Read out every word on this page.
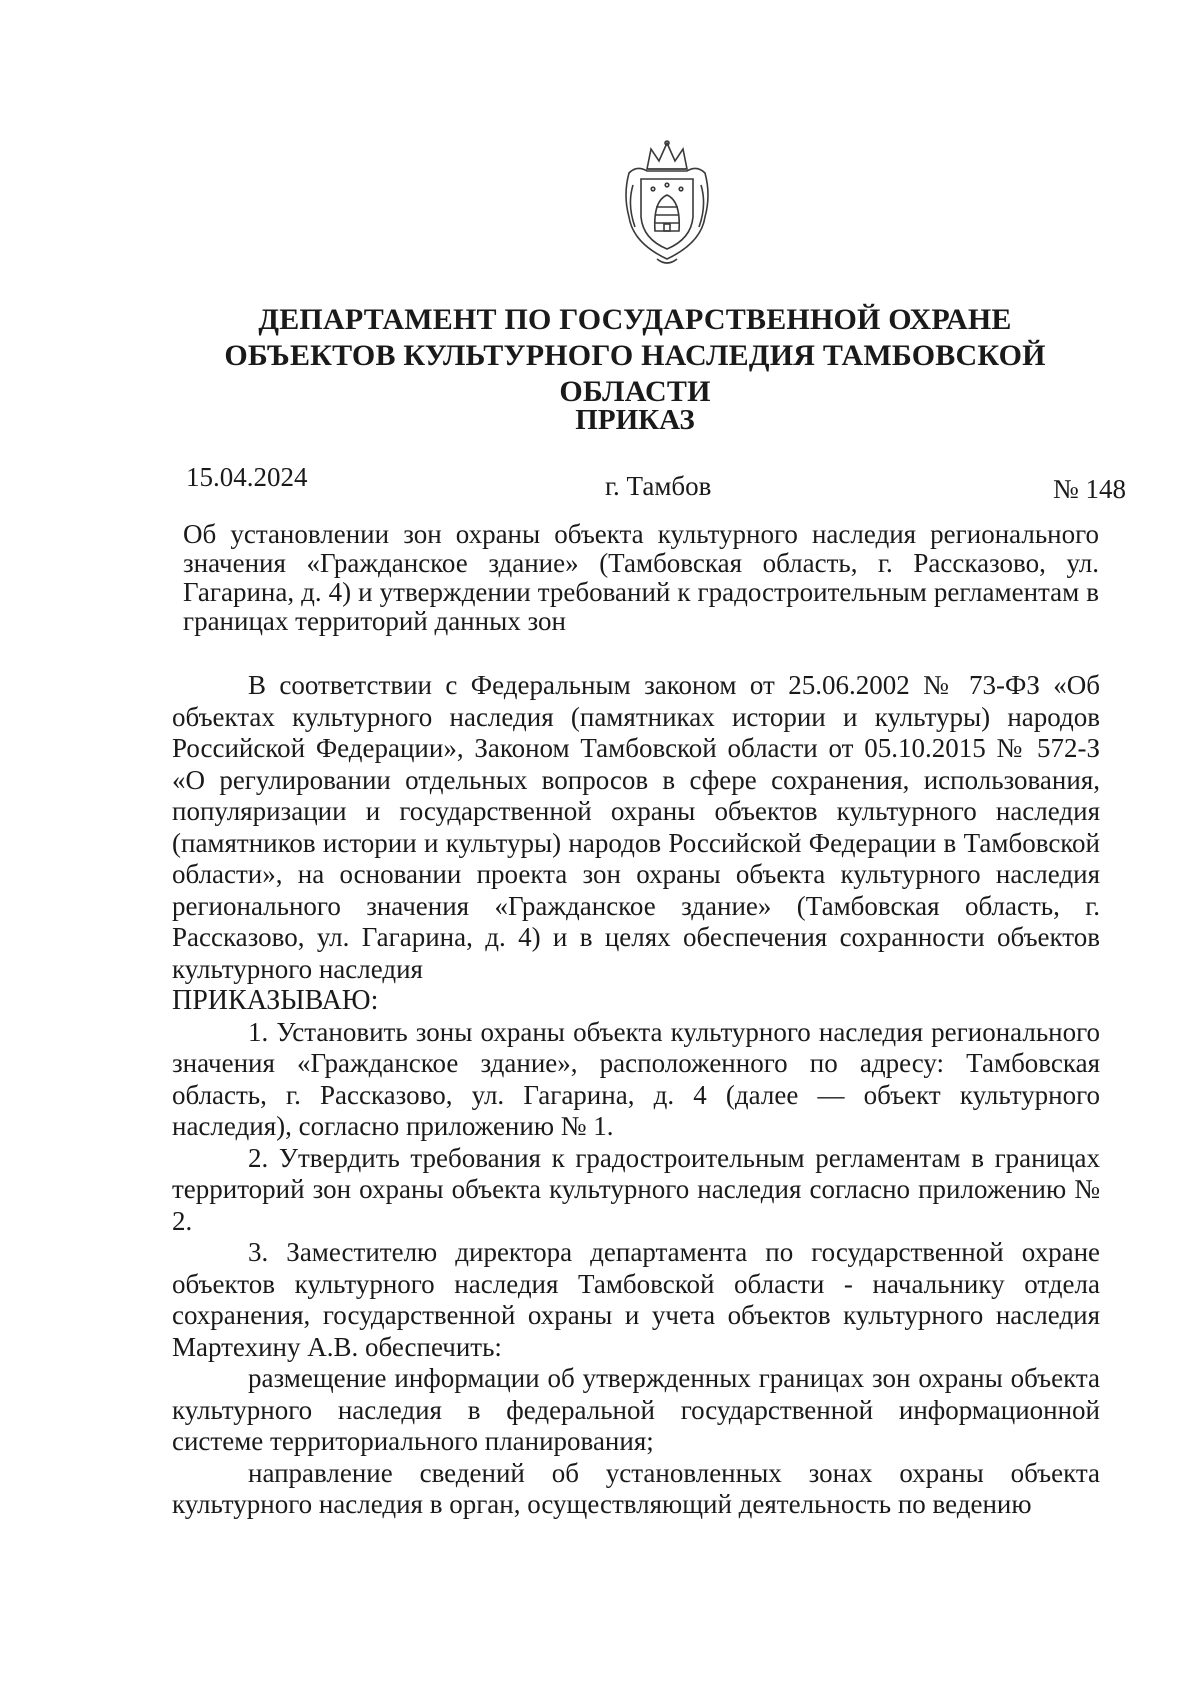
ДЕПАРТАМЕНТ ПО ГОСУДАРСТВЕННОЙ ОХРАНЕ ОБЪЕКТОВ КУЛЬТУРНОГО НАСЛЕДИЯ ТАМБОВСКОЙ ОБЛАСТИ
ПРИКАЗ
15.04.2024	г. Тамбов	№ 148
Об установлении зон охраны объекта культурного наследия регионального значения «Гражданское здание» (Тамбовская область, г. Рассказово, ул. Гагарина, д. 4) и утверждении требований к градостроительным регламентам в границах территорий данных зон

В соответствии с Федеральным законом от 25.06.2002 № 73-ФЗ «Об объектах культурного наследия (памятниках истории и культуры) народов Российской Федерации», Законом Тамбовской области от 05.10.2015 № 572-З «О регулировании отдельных вопросов в сфере сохранения, использования, популяризации и государственной охраны объектов культурного наследия (памятников истории и культуры) народов Российской Федерации в Тамбовской области», на основании проекта зон охраны объекта культурного наследия регионального значения «Гражданское здание» (Тамбовская область, г. Рассказово, ул. Гагарина, д. 4) и в целях обеспечения сохранности объектов культурного наследия

ПРИКАЗЫВАЮ:

1. Установить зоны охраны объекта культурного наследия регионального значения «Гражданское здание», расположенного по адресу: Тамбовская область, г. Рассказово, ул. Гагарина, д. 4 (далее — объект культурного наследия), согласно приложению № 1.

2. Утвердить требования к градостроительным регламентам в границах территорий зон охраны объекта культурного наследия согласно приложению № 2.

3. Заместителю директора департамента по государственной охране объектов культурного наследия Тамбовской области - начальнику отдела сохранения, государственной охраны и учета объектов культурного наследия Мартехину А.В. обеспечить:

размещение информации об утвержденных границах зон охраны объекта культурного наследия в федеральной государственной информационной системе территориального планирования;

направление сведений об установленных зонах охраны объекта культурного наследия в орган, осуществляющий деятельность по ведению
